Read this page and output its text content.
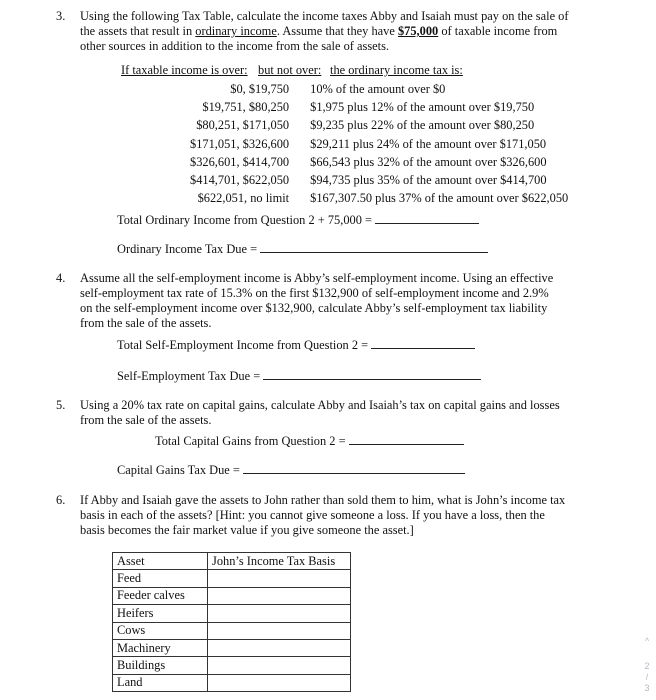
3. Using the following Tax Table, calculate the income taxes Abby and Isaiah must pay on the sale of the assets that result in ordinary income. Assume that they have $75,000 of taxable income from other sources in addition to the income from the sale of assets.
If taxable income is over: but not over: the ordinary income tax is:
$0, $19,750	10% of the amount over $0
$19,751, $80,250	$1,975 plus 12% of the amount over $19,750
$80,251, $171,050	$9,235 plus 22% of the amount over $80,250
$171,051, $326,600	$29,211 plus 24% of the amount over $171,050
$326,601, $414,700	$66,543 plus 32% of the amount over $326,600
$414,701, $622,050	$94,735 plus 35% of the amount over $414,700
$622,051, no limit	$167,307.50 plus 37% of the amount over $622,050
Total Ordinary Income from Question 2 + 75,000 =
Ordinary Income Tax Due =
4. Assume all the self-employment income is Abby’s self-employment income. Using an effective self-employment tax rate of 15.3% on the first $132,900 of self-employment income and 2.9% on the self-employment income over $132,900, calculate Abby’s self-employment tax liability from the sale of the assets.
Total Self-Employment Income from Question 2 =
Self-Employment Tax Due =
5. Using a 20% tax rate on capital gains, calculate Abby and Isaiah’s tax on capital gains and losses from the sale of the assets.
Total Capital Gains from Question 2 =
Capital Gains Tax Due =
6. If Abby and Isaiah gave the assets to John rather than sold them to him, what is John’s income tax basis in each of the assets? [Hint: you cannot give someone a loss. If you have a loss, then the basis becomes the fair market value if you give someone the asset.]
Asset	John’s Income Tax Basis
Feed	
Feeder calves	
Heifers	
Cows	
Machinery	
Buildings	
Land	
^
2
/
3
